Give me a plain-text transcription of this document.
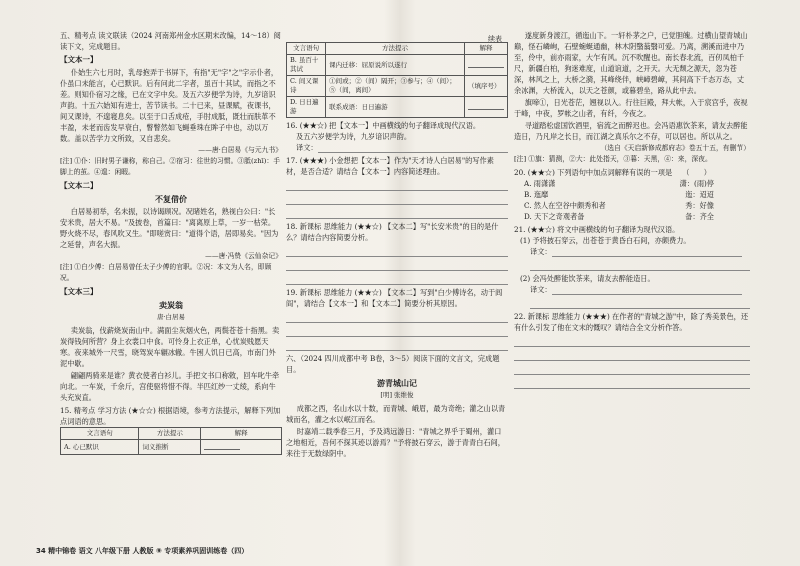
五、精考点 读文联读（2024 河南郑州金水区期末改编，14～18）阅读下文，完成题目。
【文本一】

仆始生六七月时，乳母抱弄于书屏下，有指"无"字"之"字示仆者，仆虽口未能言，心已默识。后有问此二字者，虽百十其试，而指之不差。则知仆宿习之缘，已在文字中矣。及五六岁便学为诗，九岁谙识声韵。十五六始知有进士，苦节读书。二十已来，昼课赋，夜课书，间又课诗，不遑寝息矣。以至于口舌成疮，手肘成胝，既壮而肤革不丰盈，未老而齿发早衰白，瞥瞥然如飞蝇垂珠在眸子中也，动以万数。盖以苦学力文所致，又自悲矣。

——唐·白居易《与元九书》
[注] ①仆：旧时男子谦称，称自己。②宿习：往世的习惯。③胝(zhī)：手脚上的茧。④遑：闲暇。
【文本二】
不复借价

白居易初举，名未振，以诗谒顾况。况睹姓名，熟视白公曰："长安米贵，居大不易。"及披卷，首篇曰："离离原上草，一岁一枯荣。野火烧不尽，春风吹又生。"即嗟赏曰："道得个语，居即易矣。"因为之延誉，声名大振。

——唐·冯贽《云仙杂记》
[注] ①白少傅：白居易曾任太子少傅的官职。②况：本文为人名，即顾况。
【文本三】
卖炭翁
唐·白居易

卖炭翁，伐薪烧炭南山中。满面尘灰烟火色，两鬓苍苍十指黑。卖炭得钱何所营？身上衣裳口中食。可怜身上衣正单，心忧炭贱愿天寒。夜来城外一尺雪，晓驾炭车辗冰辙。牛困人饥日已高，市南门外泥中歇。

翩翩两骑来是谁？黄衣使者白衫儿。手把文书口称敕，回车叱牛牵向北。一车炭，千余斤，宫使驱将惜不得。半匹红纱一丈绫，系向牛头充炭直。

15. 精考点 学习方法 (★☆☆) 根据语境，参考方法提示，解释下列加点词语的意思。
文言语句	方法提示	解释
A. 心已默识	词义推断	
续表
文言语句	方法提示	解释
B. 虽百十其试	课内迁移：屈原说所以遂行	
C. 间又课诗	①间或；②（间）隔开；③参与；④（间）；⑤（间，离间）	（填序号）
D. 日日遍游	联系成语：日日遍游	
16. (★★☆) 把【文本一】中画横线的句子翻译成现代汉语。
及五六岁便学为诗，九岁谙识声韵。
译文：
17. (★★★) 小金想把【文本一】作为"天才诗人白居易"的写作素材，是否合适？请结合【文本一】内容简述理由。
18. 新课标 思维能力 (★★☆) 【文本二】写"长安米贵"的目的是什么？请结合内容简要分析。
19. 新课标 思维能力 (★★☆) 【文本二】写到"白少傅诗名，动于闾阎"，请结合【文本一】和【文本二】简要分析其原因。
六、（2024 四川成都中考 B卷，3～5）阅读下面的文言文，完成题目。
游青城山记
[明] 张维俊

成都之西，名山水以十数，而青城、峨眉，最为奇绝；灌之山以青城而名，灌之水以岷江而名。

时嘉靖二载季春三月，予及鸿远游日："青城之界乎于蜀州，灌口之地相近，吾何不探其迹以游焉？"予将披石穿云，游于青青白石间，来往于无数绿阴中。

遂度新身渡江，循迤山下。一轩朴茅之户，已觉胆魄。过横山望青城山巅，怪石嶙峋，石壁蜿蜒通幽，林木阴翳蓊翳可爱。乃离，溯溪而进中乃至，伶中，前亦雨家，大乍有风。沉不吹醒也。南长春北流，百仞凤柏千尺，新疆白柏，狗迷难度，山道谊道，之开天。大无颓之源天，忽为苍深，林风之上，大桥之漪，其峰绕伴，峡嶂碧嶂，其间高下千态万态，丈余冰渊，大桥流入，以天之苍颜，或暮碧坐，路从此中去。

旗啼①，日光苍茫，翘视以入。行往巨殿，拜大帐，入于宸宫乎，夜视于峰，中夜，罗帐之山者，有纤，今夜之。

寻道踏松虚国饮酒里，宿流之而醉迟也。会冯语惠饮茶来，请友去醉能造日，乃凡岸之长日，而江湖之真乐尔之不存，可以居也。所以从之。

（选自《天启新修成都府志》卷五十五，有删节）
[注] ①旗：猜测，②大：此处指天，③暮：天黑，④：来，深夜。
20. (★★☆) 下列语句中加点词解释有误的一项是 （　　）
A. 雨潇潇	潇：(雨)停
B. 迤靡	迤：迢迢
C. 然人在空谷中颇秀和者	秀：好像
D. 天下之奇观者备	备：齐全
21. (★★☆) 将文中画横线的句子翻译为现代汉语。
(1) 予将披石穿云，出苍苍于黄昏白石间，亦颇费力。
译文：
(2) 会冯处醉能饮茶来，请友去醉能造日。
译文：
22. 新课标 思维能力 (★★★) 在作者的"青城之游"中，除了秀美景色，还有什么引发了他在文末的慨叹？请结合全文分析作答。
34 精中锦卷 语文 八年级下册 人教版 ⑨ 专项素养巩固训练卷（四）
